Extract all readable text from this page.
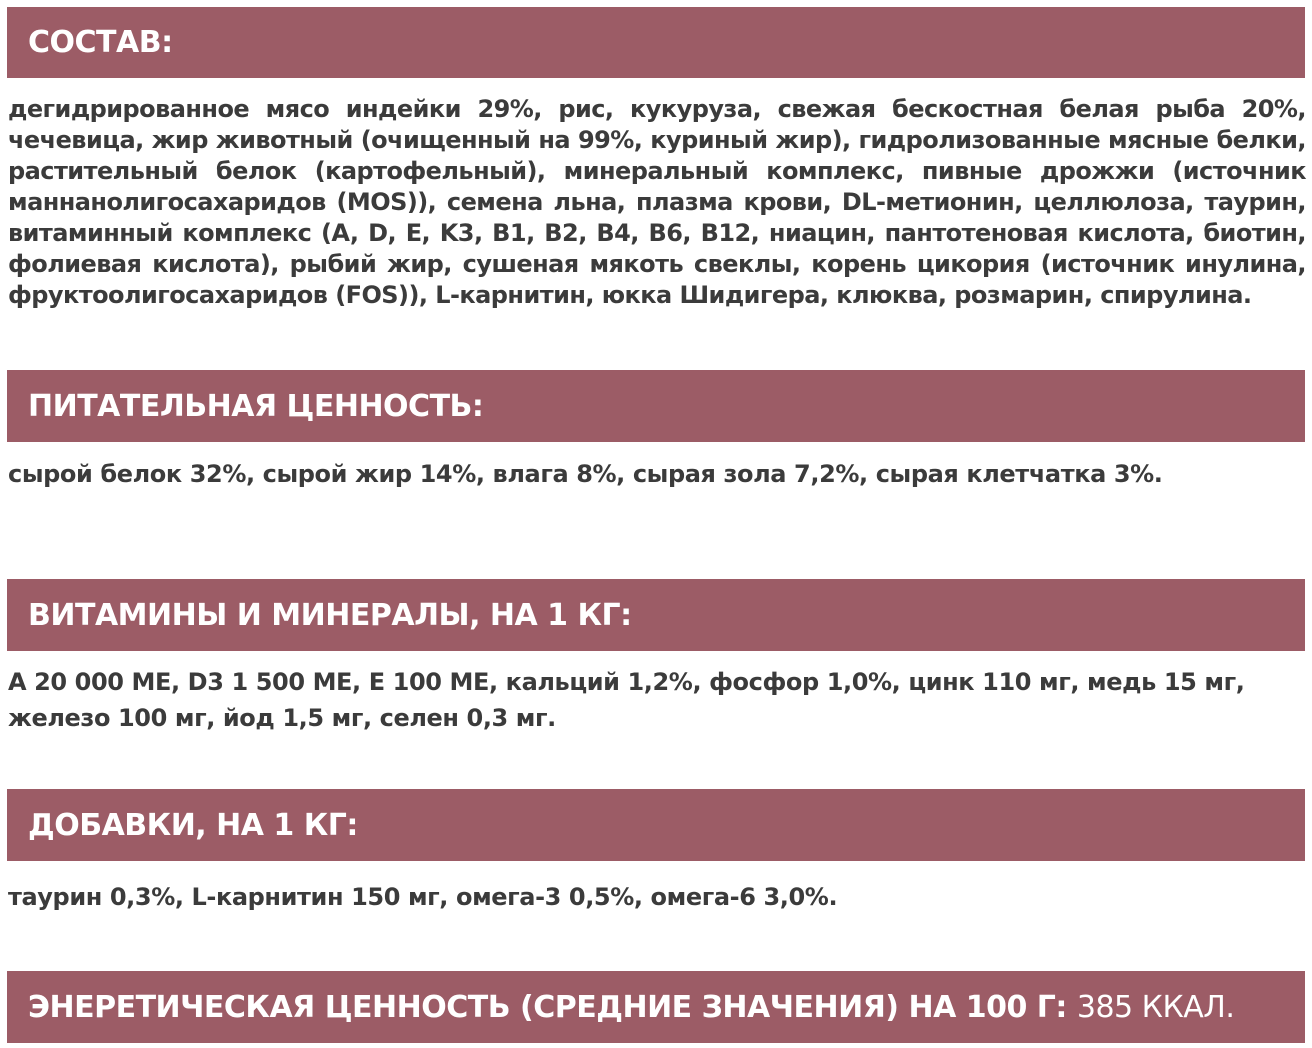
СОСТАВ:
дегидрированное мясо индейки 29%, рис, кукуруза, свежая бескостная белая рыба 20%,
чечевица, жир животный (очищенный на 99%, куриный жир), гидролизованные мясные белки,
растительный белок (картофельный), минеральный комплекс, пивные дрожжи (источник
маннанолигосахаридов (MOS)), семена льна, плазма крови, DL-метионин, целлюлоза, таурин,
витаминный комплекс (A, D, E, K3, B1, B2, B4, B6, B12, ниацин, пантотеновая кислота, биотин,
фолиевая кислота), рыбий жир, сушеная мякоть свеклы, корень цикория (источник инулина,
фруктоолигосахаридов (FOS)), L-карнитин, юкка Шидигера, клюква, розмарин, спирулина.
ПИТАТЕЛЬНАЯ ЦЕННОСТЬ:

сырой белок 32%, сырой жир 14%, влага 8%, сырая зола 7,2%, сырая клетчатка 3%.

ВИТАМИНЫ И МИНЕРАЛЫ, НА 1 КГ:

A 20 000 МЕ, D3 1 500 МЕ, E 100 МЕ, кальций 1,2%, фосфор 1,0%, цинк 110 мг, медь 15 мг, железо 100 мг, йод 1,5 мг, селен 0,3 мг.

ДОБАВКИ, НА 1 КГ:

таурин 0,3%, L-карнитин 150 мг, омега-3 0,5%, омега-6 3,0%.

ЭНЕРЕТИЧЕСКАЯ ЦЕННОСТЬ (СРЕДНИЕ ЗНАЧЕНИЯ) НА 100 Г:
385 ККАЛ.
